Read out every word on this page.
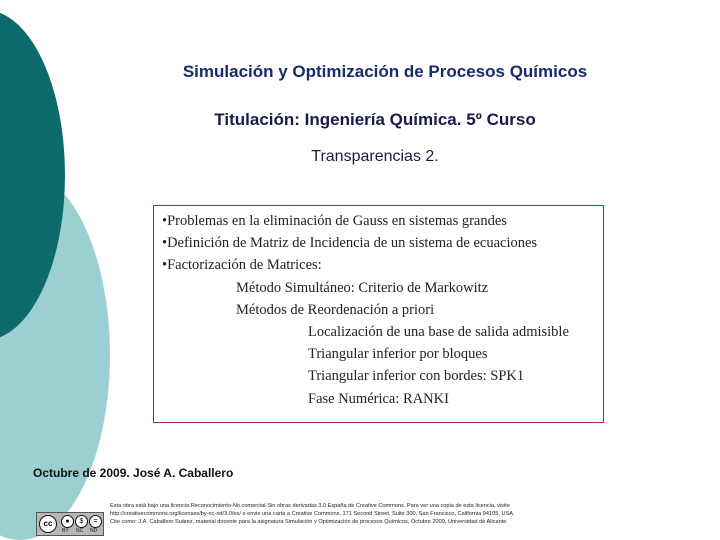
Simulación y Optimización de Procesos Químicos
Titulación: Ingeniería Química. 5º Curso
Transparencias 2.
•Problemas en la eliminación de Gauss en sistemas grandes
•Definición de Matriz de Incidencia de un sistema de ecuaciones
•Factorización de Matrices:
Método Simultáneo: Criterio de Markowitz
Métodos de Reordenación a priori
Localización de una base de salida admisible
Triangular inferior por bloques
Triangular inferior con bordes: SPK1
Fase Numérica: RANKI
Octubre de 2009. José A. Caballero
cc	●	$	=
BY NC ND
Esta obra está bajo una licencia Reconocimiento-No comercial-Sin obras derivadas 3.0 España de Creative Commons. Para ver una copia de esta licencia, visite
http://creativecommons.org/licenses/by-nc-nd/3.0/es/ o envie una carta a Creative Commons, 171 Second Street, Suite 300, San Francisco, California 94105, USA.
Cite como: J.A. Caballero Suárez, material docente para la asignatura Simulación y Optimización de procesos Químicos, Octubre 2009, Universidad de Alicante
